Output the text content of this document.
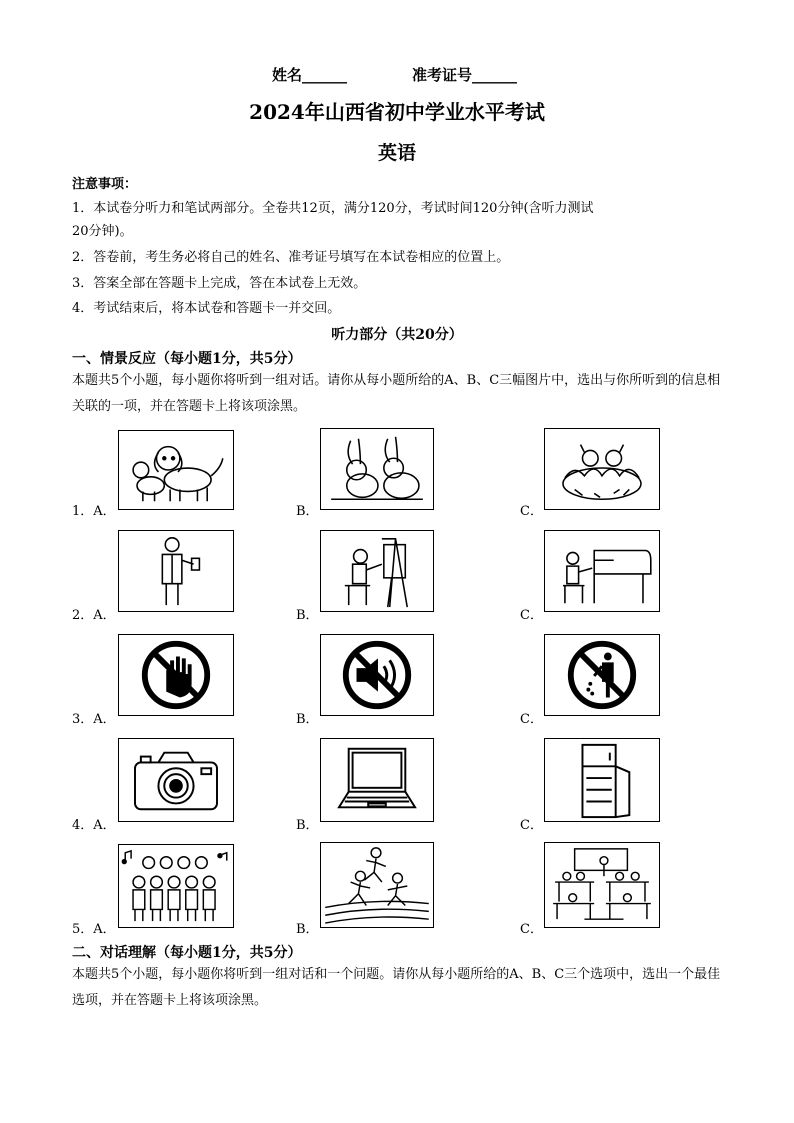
姓名______	准考证号______
2024年山西省初中学业水平考试
英语
注意事项：
1．本试卷分听力和笔试两部分。全卷共12页，满分120分，考试时间120分钟(含听力测试
20分钟)。
2．答卷前，考生务必将自己的姓名、准考证号填写在本试卷相应的位置上。
3．答案全部在答题卡上完成，答在本试卷上无效。
4．考试结束后，将本试卷和答题卡一并交回。
听力部分（共20分）
一、情景反应（每小题1分，共5分）
本题共5个小题，每小题你将听到一组对话。请你从每小题所给的A、B、C三幅图片中，选出与你所听到的信息相关联的一项，并在答题卡上将该项涂黑。
1．A．	B．	C．
2．A．	B．	C．
3．A．	B．	C．
4．A．	B．	C．
5．A．	B．	C．
二、对话理解（每小题1分，共5分）
本题共5个小题，每小题你将听到一组对话和一个问题。请你从每小题所给的A、B、C三个选项中，选出一个最佳选项，并在答题卡上将该项涂黑。
